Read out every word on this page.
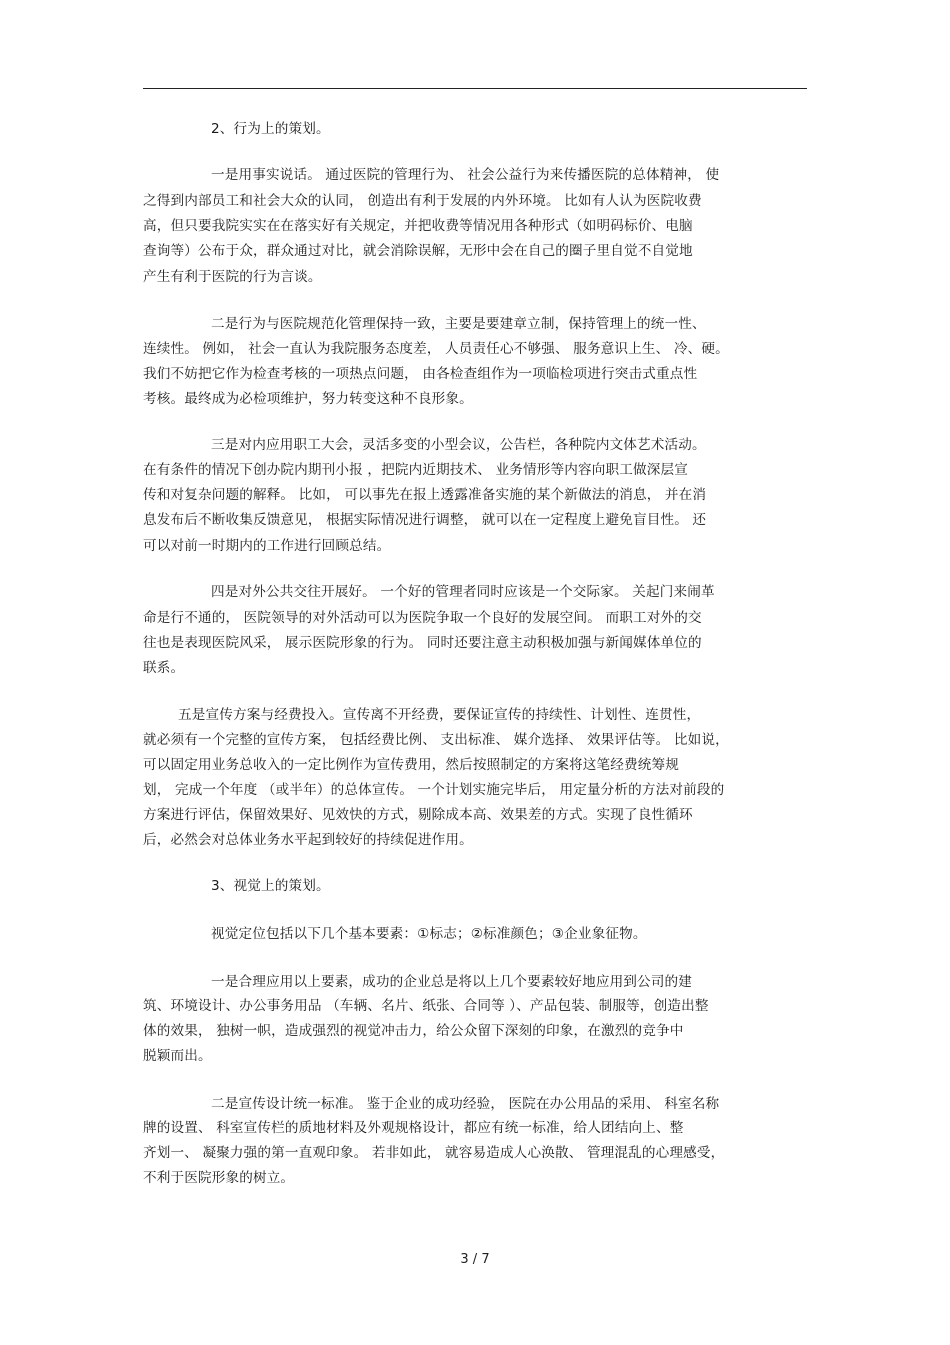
2、行为上的策划。
一是用事实说话。 通过医院的管理行为、 社会公益行为来传播医院的总体精神， 使
之得到内部员工和社会大众的认同， 创造出有利于发展的内外环境。 比如有人认为医院收费
高，但只要我院实实在在落实好有关规定，并把收费等情况用各种形式（如明码标价、电脑
查询等）公布于众，群众通过对比，就会消除误解，无形中会在自己的圈子里自觉不自觉地
产生有利于医院的行为言谈。
二是行为与医院规范化管理保持一致，主要是要建章立制，保持管理上的统一性、
连续性。 例如， 社会一直认为我院服务态度差， 人员责任心不够强、 服务意识上生、 冷、硬。
我们不妨把它作为检查考核的一项热点问题， 由各检查组作为一项临检项进行突击式重点性
考核。最终成为必检项维护，努力转变这种不良形象。
三是对内应用职工大会，灵活多变的小型会议，公告栏，各种院内文体艺术活动。
在有条件的情况下创办院内期刊小报 ，把院内近期技术、 业务情形等内容向职工做深层宣
传和对复杂问题的解释。 比如， 可以事先在报上透露准备实施的某个新做法的消息， 并在消
息发布后不断收集反馈意见， 根据实际情况进行调整， 就可以在一定程度上避免盲目性。 还
可以对前一时期内的工作进行回顾总结。
四是对外公共交往开展好。 一个好的管理者同时应该是一个交际家。 关起门来闹革
命是行不通的， 医院领导的对外活动可以为医院争取一个良好的发展空间。 而职工对外的交
往也是表现医院风采， 展示医院形象的行为。 同时还要注意主动积极加强与新闻媒体单位的
联系。
五是宣传方案与经费投入。宣传离不开经费，要保证宣传的持续性、计划性、连贯性，
就必须有一个完整的宣传方案， 包括经费比例、 支出标准、 媒介选择、 效果评估等。 比如说，
可以固定用业务总收入的一定比例作为宣传费用，然后按照制定的方案将这笔经费统筹规
划， 完成一个年度 （或半年）的总体宣传。 一个计划实施完毕后， 用定量分析的方法对前段的
方案进行评估，保留效果好、见效快的方式，剔除成本高、效果差的方式。实现了良性循环
后，必然会对总体业务水平起到较好的持续促进作用。
3、视觉上的策划。
视觉定位包括以下几个基本要素：①标志；②标准颜色；③企业象征物。
一是合理应用以上要素，成功的企业总是将以上几个要素较好地应用到公司的建
筑、环境设计、办公事务用品 （车辆、名片、纸张、合同等 ）、产品包装、制服等，创造出整
体的效果， 独树一帜，造成强烈的视觉冲击力，给公众留下深刻的印象，在激烈的竞争中
脱颖而出。
二是宣传设计统一标准。 鉴于企业的成功经验， 医院在办公用品的采用、 科室名称
牌的设置、 科室宣传栏的质地材料及外观规格设计，都应有统一标准，给人团结向上、整
齐划一、 凝聚力强的第一直观印象。 若非如此， 就容易造成人心涣散、 管理混乱的心理感受，
不利于医院形象的树立。
3 / 7
